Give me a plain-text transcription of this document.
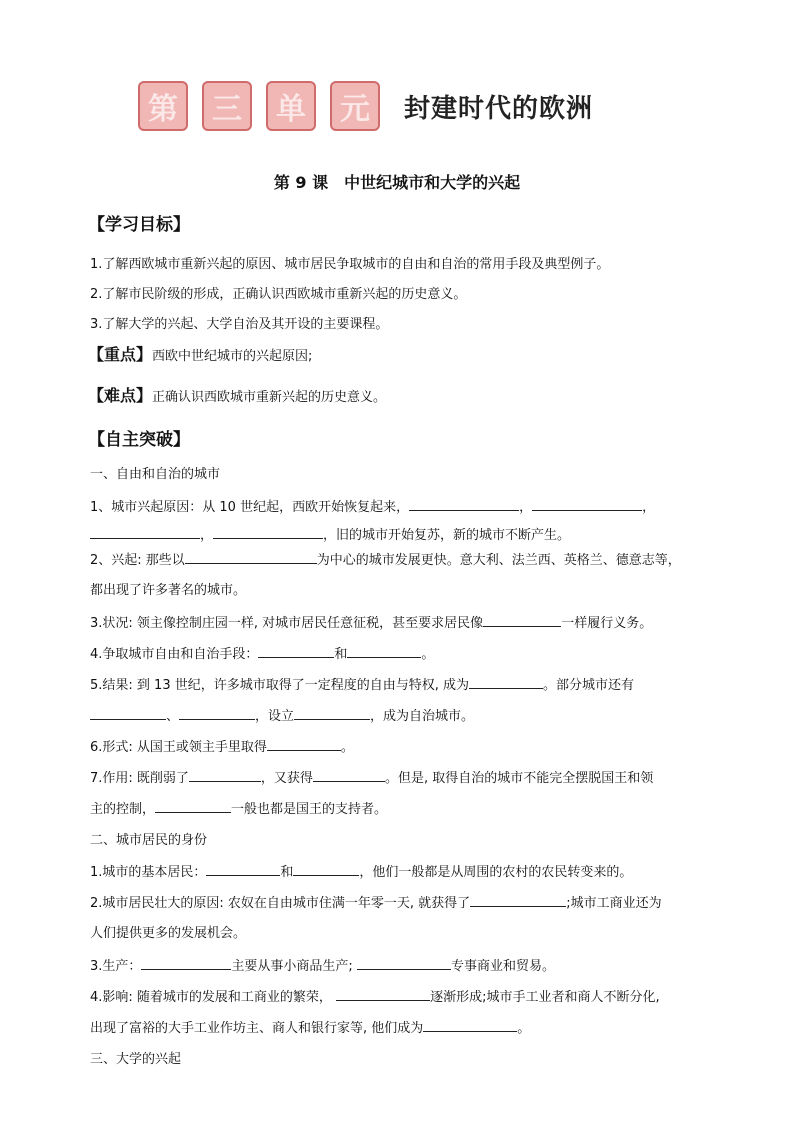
第	三	单	元	封建时代的欧洲
第 9 课　中世纪城市和大学的兴起
【学习目标】
1.了解西欧城市重新兴起的原因、城市居民争取城市的自由和自治的常用手段及典型例子。
2.了解市民阶级的形成，正确认识西欧城市重新兴起的历史意义。
3.了解大学的兴起、大学自治及其开设的主要课程。
【重点】西欧中世纪城市的兴起原因;
【难点】正确认识西欧城市重新兴起的历史意义。
【自主突破】
一、自由和自治的城市
1、城市兴起原因：从 10 世纪起，西欧开始恢复起来，	，	，
，	，旧的城市开始复苏，新的城市不断产生。
2、兴起: 那些以	为中心的城市发展更快。意大利、法兰西、英格兰、德意志等，
都出现了许多著名的城市。
3.状况: 领主像控制庄园一样, 对城市居民任意征税，甚至要求居民像	一样履行义务。
4.争取城市自由和自治手段：	和	。
5.结果: 到 13 世纪，许多城市取得了一定程度的自由与特权, 成为	。部分城市还有
、	，设立	，成为自治城市。
6.形式: 从国王或领主手里取得	。
7.作用: 既削弱了	，又获得	。但是, 取得自治的城市不能完全摆脱国王和领
主的控制，	一般也都是国王的支持者。
二、城市居民的身份
1.城市的基本居民：	和	，他们一般都是从周围的农村的农民转变来的。
2.城市居民壮大的原因: 农奴在自由城市住满一年零一天, 就获得了	;城市工商业还为
人们提供更多的发展机会。
3.生产：	主要从事小商品生产;	专事商业和贸易。
4.影响: 随着城市的发展和工商业的繁荣，	逐渐形成;城市手工业者和商人不断分化,
出现了富裕的大手工业作坊主、商人和银行家等, 他们成为	。
三、大学的兴起
